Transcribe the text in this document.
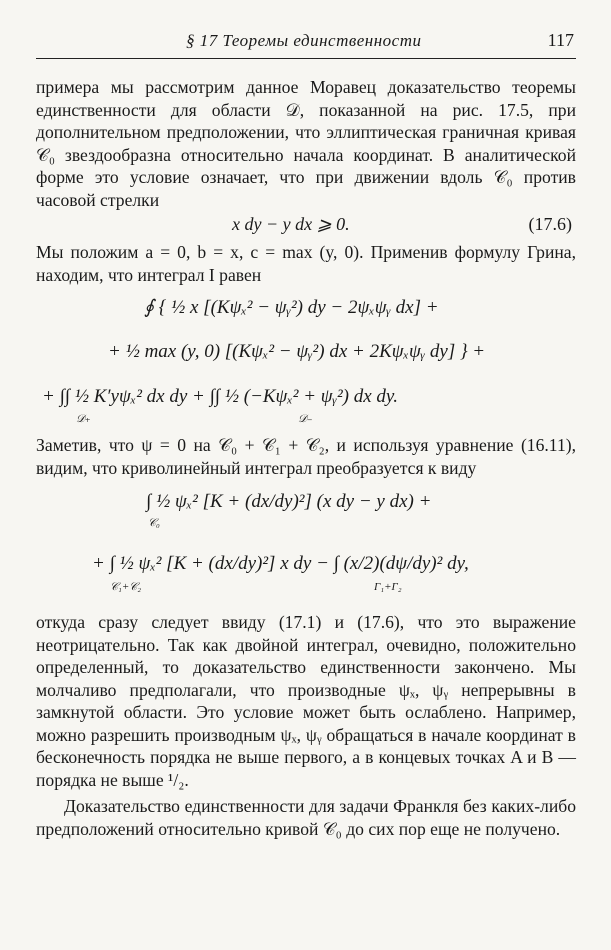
§ 17 Теоремы единственности	117

примера мы рассмотрим данное Моравец доказательство теоремы единственности для области 𝒟, показанной на рис. 17.5, при дополнительном предположении, что эллиптическая граничная кривая 𝒞₀ звездообразна относительно начала координат. В аналитической форме это условие означает, что при движении вдоль 𝒞₀ против часовой стрелки

x dy − y dx ⩾ 0.	(17.6)

Мы положим a = 0, b = x, c = max (y, 0). Применив формулу Грина, находим, что интеграл I равен

∮ { ½ x [(Kψₓ² − ψᵧ²) dy − 2ψₓψᵧ dx] +
+ ½ max (y, 0) [(Kψₓ² − ψᵧ²) dx + 2Kψₓψᵧ dy] } +
+ ∫∫ ½ K′yψₓ² dx dy + ∫∫ ½ (−Kψₓ² + ψᵧ²) dx dy.
𝒟₊	𝒟₋

Заметив, что ψ = 0 на 𝒞₀ + 𝒞₁ + 𝒞₂, и используя уравнение (16.11), видим, что криволинейный интеграл преобразуется к виду

∫ ½ ψₓ² [K + (dx/dy)²] (x dy − y dx) +
𝒞₀
+ ∫ ½ ψₓ² [K + (dx/dy)²] x dy − ∫ (x/2)(dψ/dy)² dy,
𝒞₁+𝒞₂	Γ₁+Γ₂

откуда сразу следует ввиду (17.1) и (17.6), что это выражение неотрицательно. Так как двойной интеграл, очевидно, положительно определенный, то доказательство единственности закончено. Мы молчаливо предполагали, что производные ψₓ, ψᵧ непрерывны в замкнутой области. Это условие может быть ослаблено. Например, можно разрешить производным ψₓ, ψᵧ обращаться в начале координат в бесконечность порядка не выше первого, а в концевых точках A и B — порядка не выше ¹/₂.

Доказательство единственности для задачи Франкля без каких-либо предположений относительно кривой 𝒞₀ до сих пор еще не получено.
